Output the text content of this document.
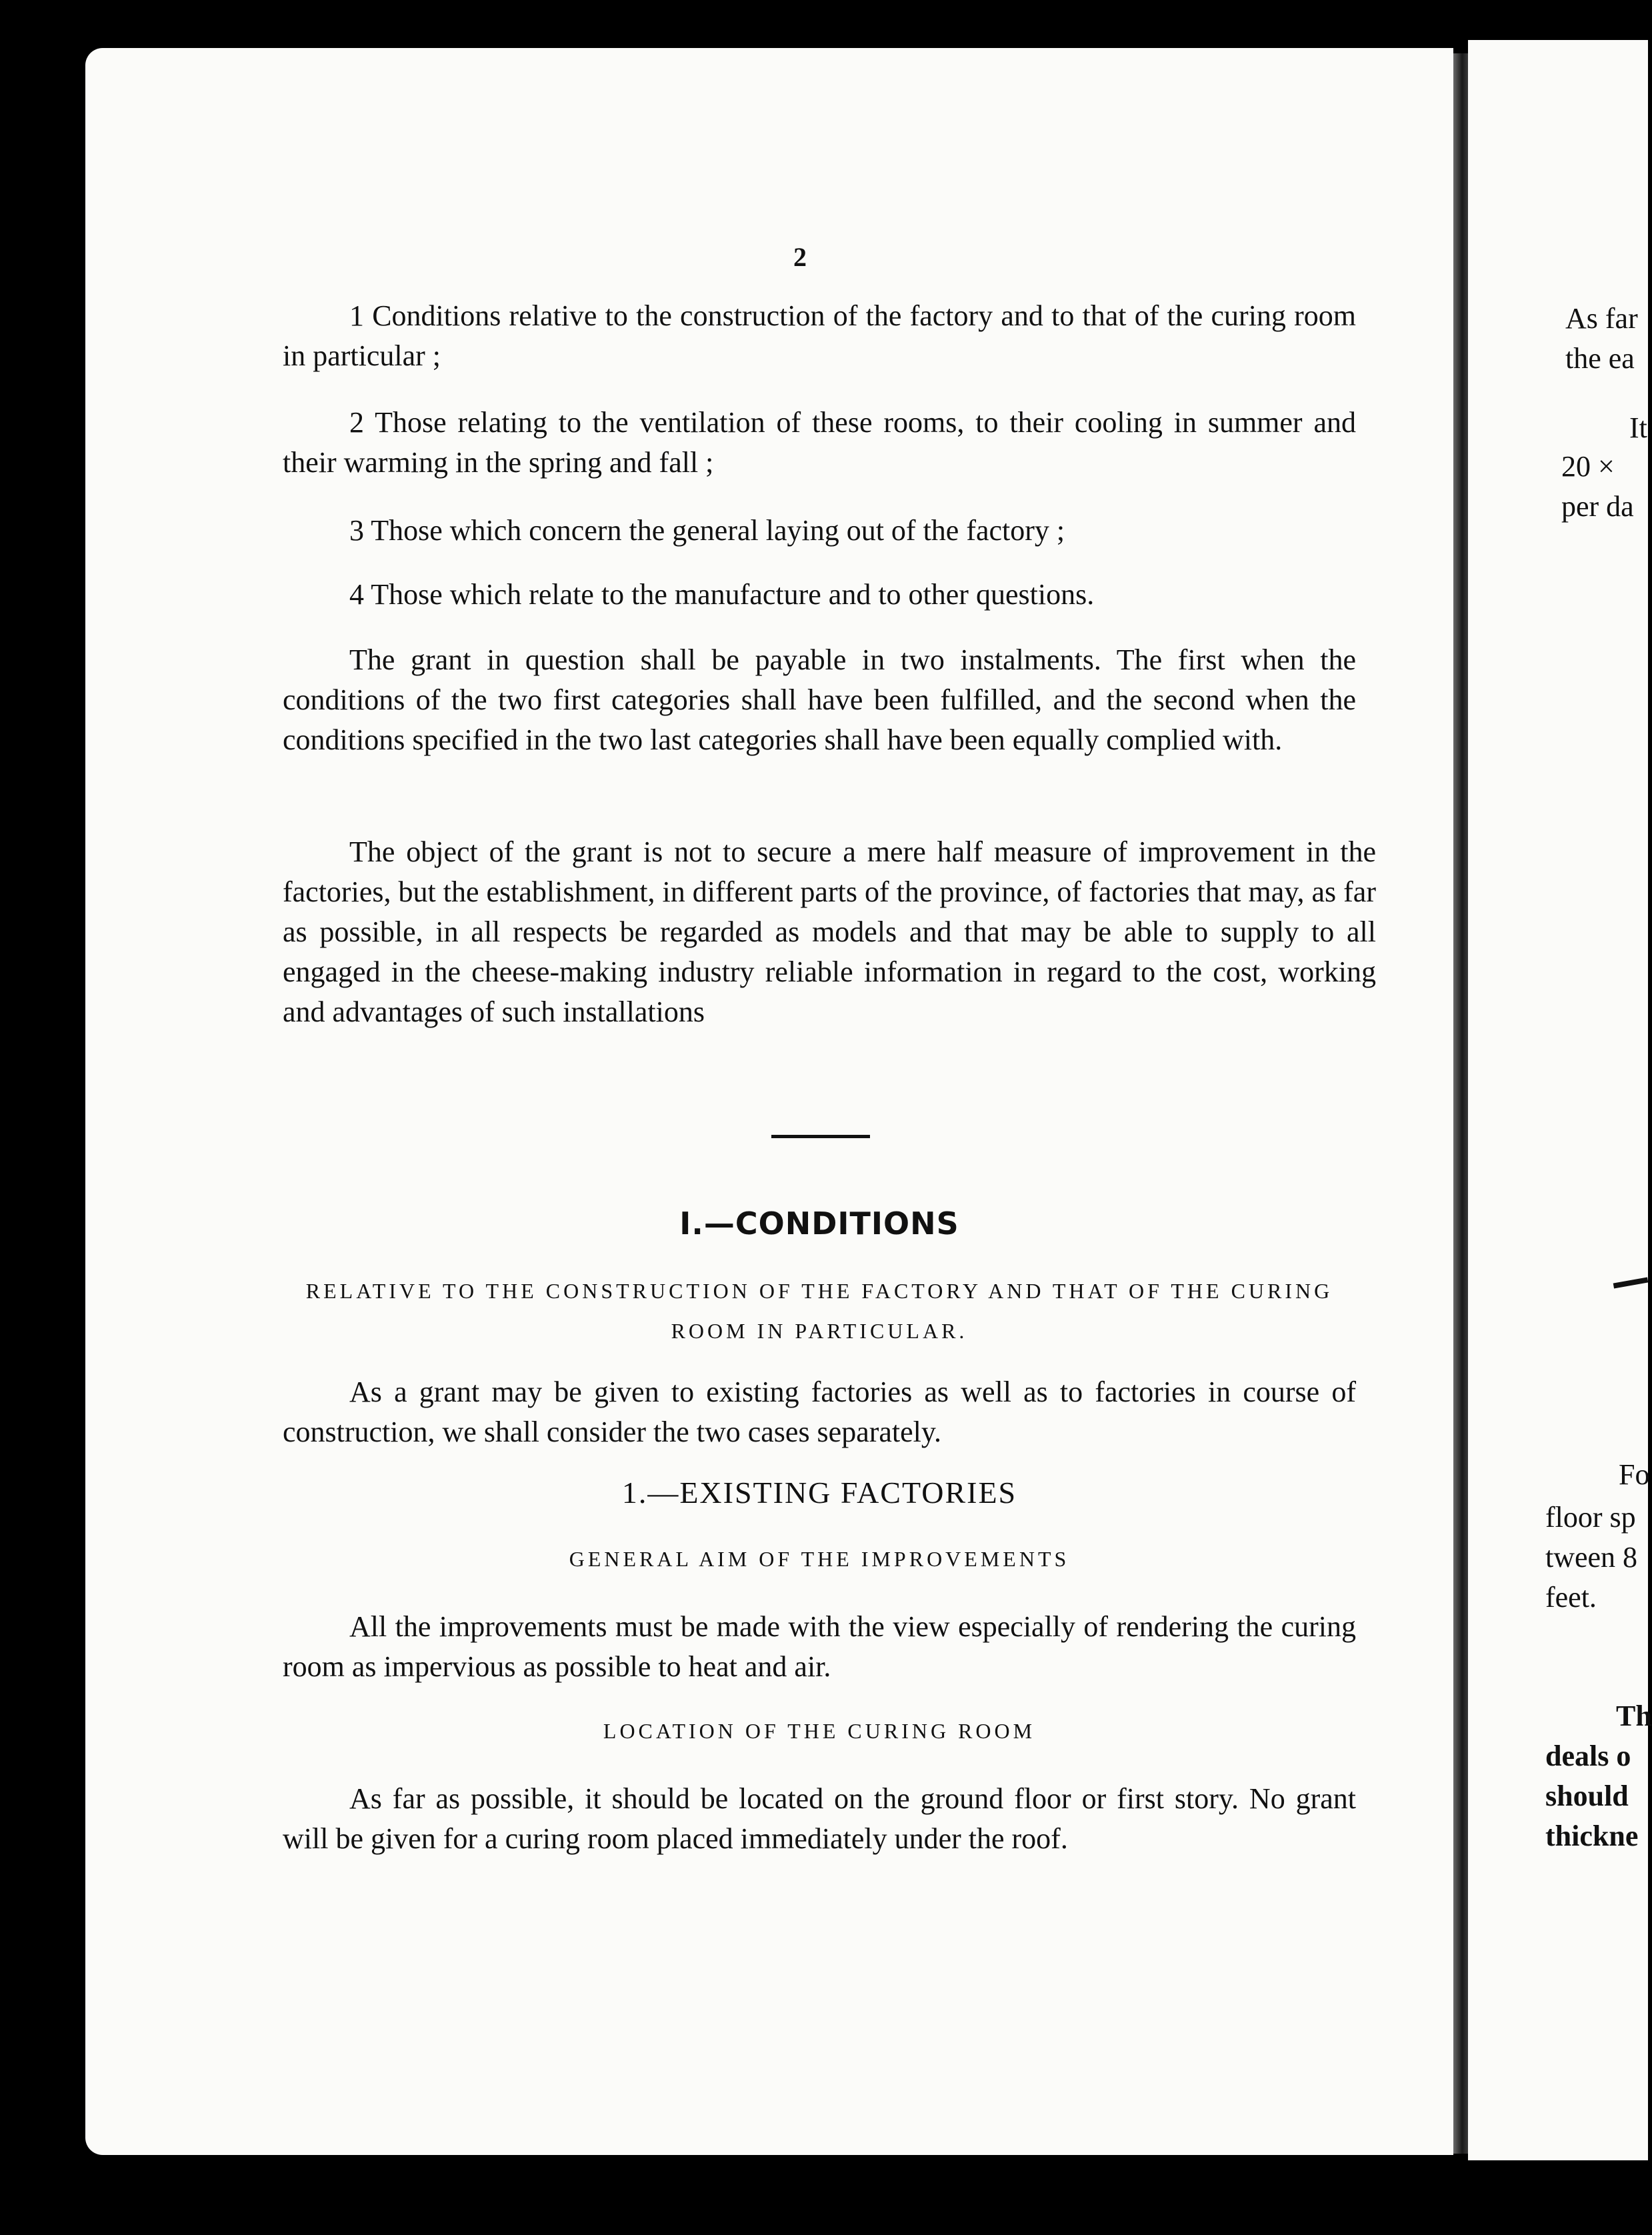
2

1 Conditions relative to the construction of the factory and to that of the curing room in particular ;

2 Those relating to the ventilation of these rooms, to their cooling in summer and their warming in the spring and fall ;

3 Those which concern the general laying out of the factory ;

4 Those which relate to the manufacture and to other questions.

The grant in question shall be payable in two instalments. The first when the conditions of the two first categories shall have been fulfilled, and the second when the conditions specified in the two last categories shall have been equally complied with.

The object of the grant is not to secure a mere half measure of improvement in the factories, but the establishment, in different parts of the province, of factories that may, as far as possible, in all respects be regarded as models and that may be able to supply to all engaged in the cheese-making industry reliable information in regard to the cost, working and advantages of such installations

I.—CONDITIONS

RELATIVE TO THE CONSTRUCTION OF THE FACTORY AND THAT OF THE CURING ROOM IN PARTICULAR.

As a grant may be given to existing factories as well as to factories in course of construction, we shall consider the two cases separately.

1.—EXISTING FACTORIES

GENERAL AIM OF THE IMPROVEMENTS

All the improvements must be made with the view especially of rendering the curing room as impervious as possible to heat and air.

LOCATION OF THE CURING ROOM

As far as possible, it should be located on the ground floor or first story. No grant will be given for a curing room placed immediately under the roof.

As far
the ea
It
20 ×
per da
Fo
floor sp
tween 8
feet.
Th
deals o
should
thickne
